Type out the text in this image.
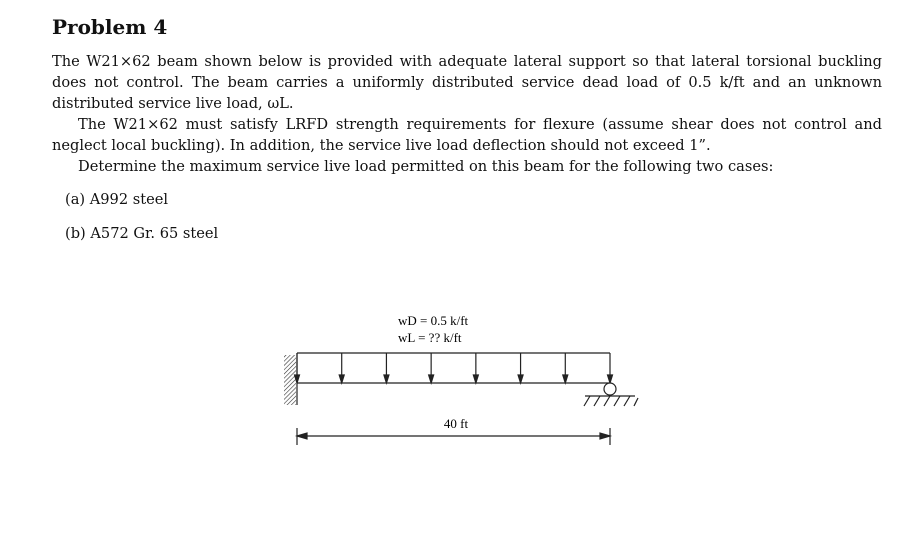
Problem 4
The W21×62 beam shown below is provided with adequate lateral support so that lateral torsional buckling does not control. The beam carries a uniformly distributed service dead load of 0.5 k/ft and an unknown distributed service live load, ωL.
The W21×62 must satisfy LRFD strength requirements for flexure (assume shear does not control and neglect local buckling). In addition, the service live load deflection should not exceed 1”.
Determine the maximum service live load permitted on this beam for the following two cases:
(a) A992 steel
(b) A572 Gr. 65 steel
wD = 0.5 k/ft
wL = ?? k/ft
40 ft
